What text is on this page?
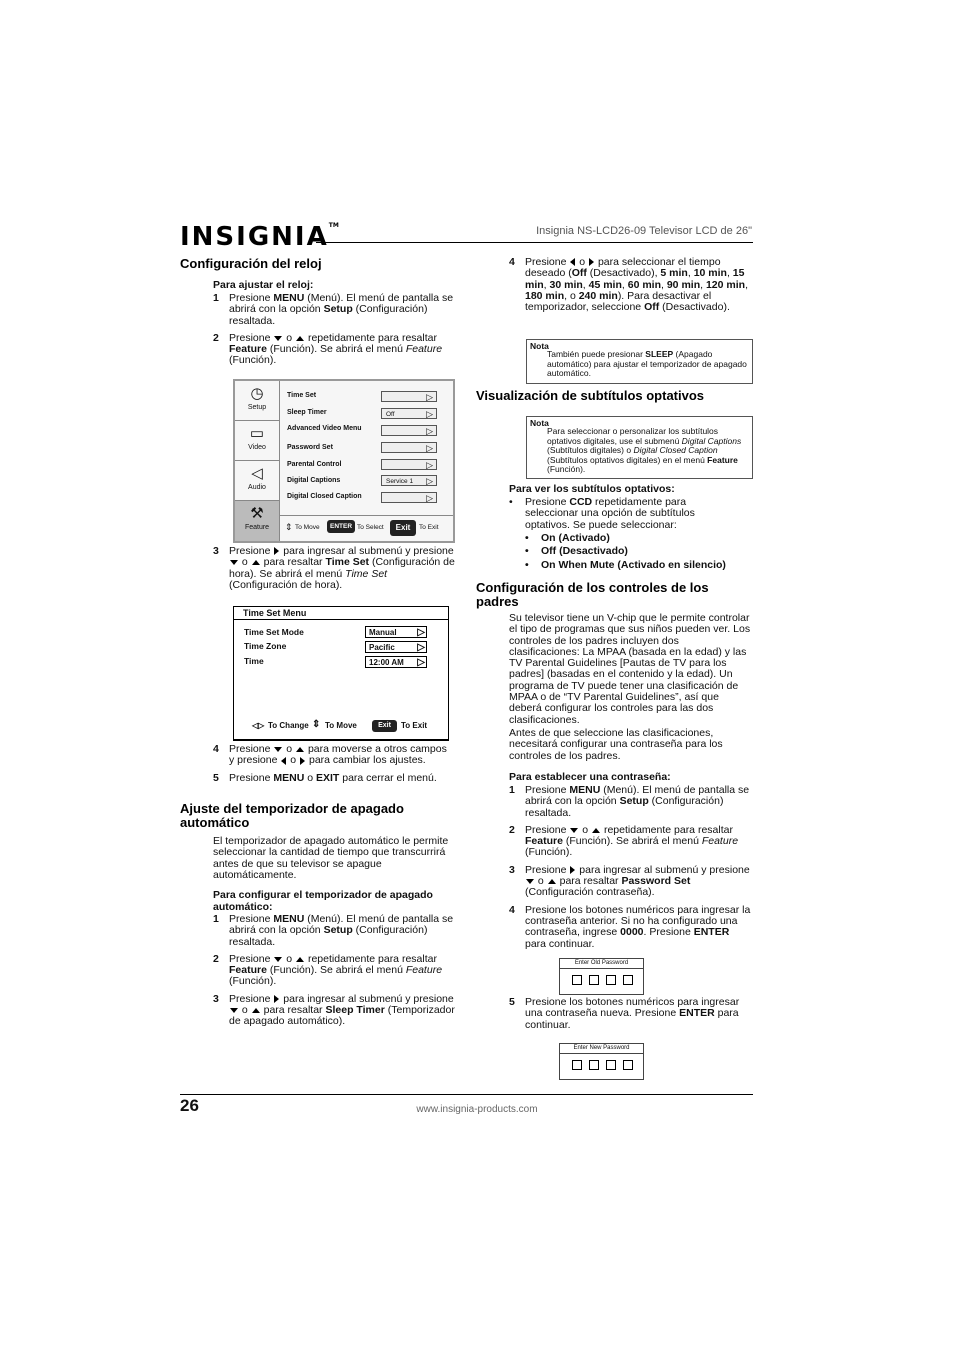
INSIGNIA™	Insignia NS-LCD26-09 Televisor LCD de 26"
Configuración del reloj
Para ajustar el reloj:
1 Presione MENU (Menú). El menú de pantalla se abrirá con la opción Setup (Configuración) resaltada.
2 Presione  o  repetidamente para resaltar Feature (Función). Se abrirá el menú Feature (Función).
◷
Setup
▭
Video
◁
Audio
⚒
Feature
Time Set	▷
Sleep Timer	Off	▷
Advanced Video Menu	▷
Password Set	▷
Parental Control	▷
Digital Captions	Service 1 ▷
Digital Closed Caption	▷
⇕ To Move	ENTER To Select	Exit	To Exit
3 Presione  para ingresar al submenú y presione  o  para resaltar Time Set (Configuración de hora). Se abrirá el menú Time Set (Configuración de hora).
Time Set Menu
Time Set Mode	Manual ▷
Time Zone	Pacific ▷
Time	12:00 AM ▷
◁▷ To Change ⇕ To Move	Exit	To Exit
4 Presione  o  para moverse a otros campos y presione  o  para cambiar los ajustes.
5 Presione MENU o EXIT para cerrar el menú.
Ajuste del temporizador de apagado automático
El temporizador de apagado automático le permite seleccionar la cantidad de tiempo que transcurrirá antes de que su televisor se apague automáticamente.
Para configurar el temporizador de apagado automático:
1 Presione MENU (Menú). El menú de pantalla se abrirá con la opción Setup (Configuración) resaltada.
2 Presione  o  repetidamente para resaltar Feature (Función). Se abrirá el menú Feature (Función).
3 Presione  para ingresar al submenú y presione  o  para resaltar Sleep Timer (Temporizador de apagado automático).
4 Presione  o  para seleccionar el tiempo deseado (Off (Desactivado), 5 min, 10 min, 15 min, 30 min, 45 min, 60 min, 90 min, 120 min, 180 min, o 240 min). Para desactivar el temporizador, seleccione Off (Desactivado).
Nota
También puede presionar SLEEP (Apagado automático) para ajustar el temporizador de apagado automático.
Visualización de subtítulos optativos
Nota
Para seleccionar o personalizar los subtítulos optativos digitales, use el submenú Digital Captions (Subtítulos digitales) o Digital Closed Caption (Subtítulos optativos digitales) en el menú Feature (Función).
Para ver los subtítulos optativos:
• Presione CCD repetidamente para seleccionar una opción de subtítulos optativos. Se puede seleccionar:
• On (Activado)
• Off (Desactivado)
• On When Mute (Activado en silencio)
Configuración de los controles de los padres
Su televisor tiene un V-chip que le permite controlar el tipo de programas que sus niños pueden ver. Los controles de los padres incluyen dos clasificaciones: La MPAA (basada en la edad) y las TV Parental Guidelines [Pautas de TV para los padres] (basadas en el contenido y la edad). Un programa de TV puede tener una clasificación de MPAA o de “TV Parental Guidelines”, así que deberá configurar los controles para las dos clasificaciones.
Antes de que seleccione las clasificaciones, necesitará configurar una contraseña para los controles de los padres.
Para establecer una contraseña:
1 Presione MENU (Menú). El menú de pantalla se abrirá con la opción Setup (Configuración) resaltada.
2 Presione  o  repetidamente para resaltar Feature (Función). Se abrirá el menú Feature (Función).
3 Presione  para ingresar al submenú y presione  o  para resaltar Password Set (Configuración contraseña).
4 Presione los botones numéricos para ingresar la contraseña anterior. Si no ha configurado una contraseña, ingrese 0000. Presione ENTER para continuar.
Enter Old Password
5 Presione los botones numéricos para ingresar una contraseña nueva. Presione ENTER para continuar.
Enter New Password
26	www.insignia-products.com
